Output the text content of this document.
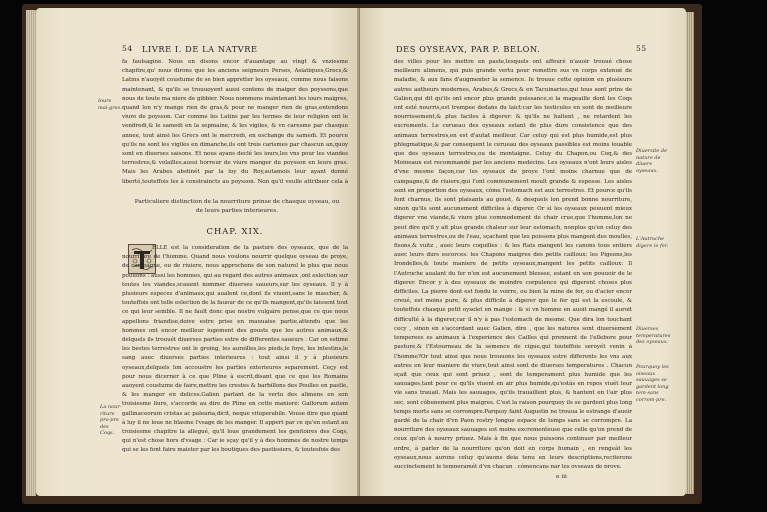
54 LIVRE I. DE LA NATVRE

fa faulsagine. Nous en disons encor d'auantage au vingt & vnziesme chapitre,qu' nous dirons que les anciens seigneurs Perses, Asiatiques,Grecs,& Latins n'auoyét coustume de se bien appretter les oyseaux, comme nous faisons maintenant, & qu'ils se trouuoyent aussi contens de maiger des poyssons,que nous de toute ma niere de gibbier. Nous nommons maintenant les iours maigres, quand lon n'y mange rien de gras,& pour ne manger rien de gras,entendons viure de poysson. Car comme les Latins par les termes de leur religion ont le vendredi,& le samedi en la sepmaine, & les vigiles, & vn caresme par chasque annee, tout ainsi les Grecs ont le mercredi, en eschange du samedi. Et pource qu'ils ne sont les vigiles en dimanche,ils ont trois carismes par chascun an,quoy sont en diuerses saisons. Et nous ayans declé les iours,les vns pour les viandes terrestres,& volailles,aussi horreur de viure manger du poysson en leurs gras. Mais les Arabes abstinét par la loy du Roy,autamois leur ayant donné liberté,touteffois les à constraincts au poysson. Non qu'il veulle attribuer cela à

Iours mai-gres.
Particuliere distinction de la nourriture prinse de chasque oyseau, ou de leurs parties interieures.
CHAP. XIX.

ELLE est la consideration de la pasture des oyseaux, que de la nourriture de l'homme. Quand nous voulons nourrir quelque oyseau de proye, de campagne, ou de riuiere, nous approchons de son naturel le plus que nous pouuons : aussi les hommes, qui au regard des autres animaux ,ont eslection sur toutes les viandes,scauent nommer diuerses saueurs,sur les oyseaux. Il y à plusieurs especes d'animaux,qui aualent ce,dont ils viuent,sans le mascher, & touteffois ont telle eslection de la faueur de ce qu'ils mangent,qu'ils laissent tout ce qui leur semble. Il ne fault donc que nostre vulgaire pense,que ce que nous appellons friandise,doive estre prise en mauuaise partie,attendu que les hommes ont encor meilleur iugement des gousts que les autres animaux,& delquels ils trouuét diuerses parties estre de differentes saueurs : Car on estime les bestes terrestres ont le groing, les aureilles,les pieds,le foye, les intestins,le sang auec diuerses parties interieures : tout ainsi il y à plusieurs oyseaux,delquels lon accoustre les parties exterieures separement. Ceçy est pour nous dicerner à ce que Pline à escrit,disant que ce que les Romains auoyent coustume de faire,mettre les crestes & barbillons des Poulles en pastle, & les manger en delices.Galien parlant de la vertu des alimens en son troisiesme liure, s'accorde au dire de Pline en cette maniere: Gallorum autem gallinaceorum cristas ac palearia,dicit, neque vituperabile. Vouse dire que quant à luy il ne loue ne blasme l'vsage de les manger. Il appert par ce qu'en estant au troisiesme chapitre la allegué, qu'il loue grandement les genitoires des Coqs, qui n'est chose hors d'vsage : Car ie sçay qu'il y à des hommes de nostre temps qui se les font faire maister par les boutiques des pastissiers, & toutesfois des

La nour-riture pro-pre des Coqs.
DES OYSEAVX, PAR P. BELON.	55

des villes pour les mettre en paste,lesquels ont affeuré n'auoir trouué chose meilleure alimens, qui puis grande vertu pour remettre sus vn corps extenué de maladie, & aux fans d'augmenter la semence. Ie trouue cette opinion en plusieurs autres autheurs modernes, Arabes,& Grecs,& en Tacuinarius,qui tous sont prins de Galien,qui dit qu'ils ont encor plus grande puissance,si la mageaille dont les Coqs ont esté nourris,est trempee dedans du laict:car les testicules en sont de meilleure nourrissement,& plus faciles à digerer: & qu'ils ne haltent , ne retardent les excrements. Le cerueau des oyseaux estant de plus dure consistence que des animaux terrestres,en est d'autat meilleur. Car celuy qui est plus humide,est plus phlegmatique,& par consequent le cerueau des oyseaux passibles est moins louable que des oyseaux terrestres,ou de montaigne. Celuy du Chapon,ou Coq,& des Moineaux est recommandé par les anciens medecins. Les oyseaux n'ont leurs aisles d'vne mesme façon,car les oyseaux de proye l'ont moins charnue que de campagne,& de riuiere,qui l'ont communement moult grande & espesse. Les aisles sont en proportion des oyseaux, cóme l'estomach est aux terrestres. Et pource qu'ils font charnus, ils sont plaisants au goust, & desquels lon prend bonne nourriture, sinon qu'ils sont aucunement difficiles à digerer. Or si les oyseaux peuuent mieux digerer vne viande,& viure plus commodement de chair crue,que l'homme,lon ne peut dire qu'il y ait plus grande chaleur sur leur estomach, nonplus qu'en celuy des animaux terrestres,ou de l'eau, sçachant que les poissons plus mangent des moulles, fisons,& vuitz , auec leurs coquilles : & les Rats mangent les canons tous entiers auec leurs durs escorces: les Chapons maigres des petits cailloux: les Pigeons,les Irondelles,& toute maniere de petits oyseaux,mangent les petits cailloux: Il l'Autruche aualant du fer n'en est aucunement blessee, estant en son pouuoir de le digerer. Encor y à des oyseaux de moindre corpulence qui digerent choses plus difficiles. La pierre dont est fondu le voirre, ou bien la mine de fer, ou d'acier encor creué, est moins pure, & plus difficile à digerer que le fer qui est la escoulé, & touteffois chasque petit oyselet en mange : & si vn homme en auoit mangé il auroit difficulté à la digerer,car il n'y à pas l'estomach de mesme. Que dira lon touchant cecy , sinon en s'accordant auec Galien, dire , que les natures sont diuersement temperees es animaux à l'experience des Cailles qui prennent de l'ellebore pour pasture,& l'Estourneau de la semence de cigue,qui touteffois seroyét venin à l'homme?Or tout ainsi que nous trouuons les oyseaux estre differents les vns aux autres en leur maniere de viure,tout ainsi sont de diuerses temperatures . Chacun sçait que ceux qui sont priuez , sont de temperament plus humide que les sauuages,tant pour ce qu'ils viuent en air plus humide,qu'estás en repos viuét leur vie sans trauail. Mais les sauuages, qu'ils trauaillent plus, & hantent en l'air plus sec, sont cóbunement plus maigres. C'est la raison pourquoy ils se gardent plus long temps morts sans se corrompre.Parquoy faint Augustin ne trouua le estrange d'auoir gardé de la chair d'vn Paon rostry longue espace de temps sans se corrompre. La nourriture des oyseaux sauuages est moins excrementeuse que celle qu'on prend de ceux qu'on à nourry priuez. Mais à fin que nous puissons continuer par meilleur ordre, à parler de la nourriture qu'on doit en corps humain , en rengeát les oyseaux,nous aurons celuy qu'auons deia tenu en leurs descriptions,reciterons succinctement le temperamét d'vn chacun , cómençans par les oyseaux de proye.

Diuersite de nature de diuers oyseaux.
L'Autruche digere le fer.
Diuerses temperatures des oyseaux.
Pourquoy les oiseaux sauuages se gardent long tem-sans corrom-pre.
e iii
